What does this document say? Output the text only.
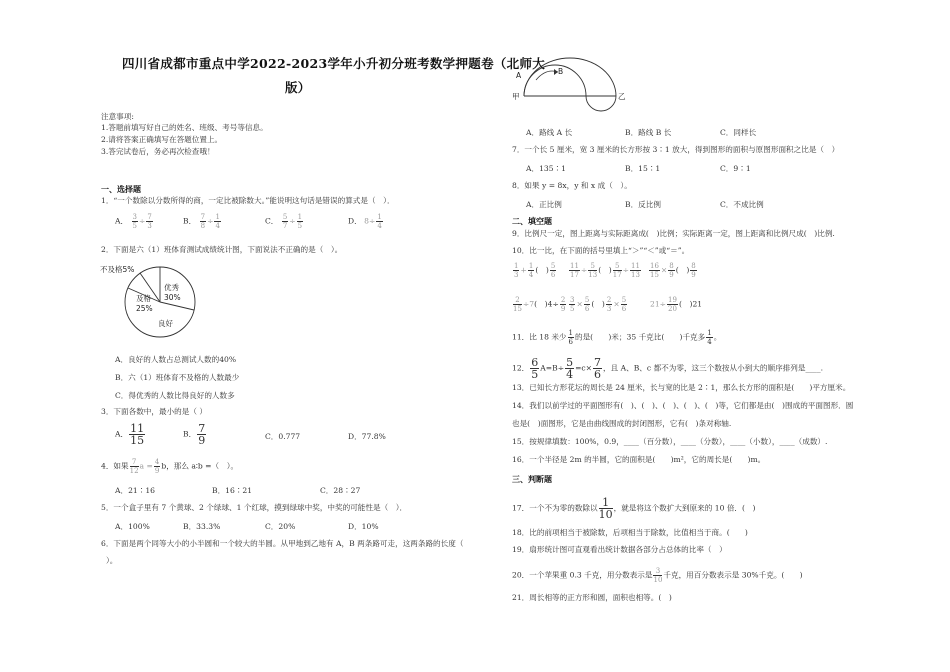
四川省成都市重点中学2022-2023学年小升初分班考数学押题卷（北师大
版）
注意事项:
1.答题前填写好自己的姓名、班级、考号等信息。
2.请将答案正确填写在答题位置上。
3.答完试卷后，务必再次检查哦！
一、选择题
1．“一个数除以分数所得的商，一定比被除数大。”能说明这句话是错误的算式是（　）．
A． $\frac{3}{5} \div \frac{7}{3}$	B． $\frac{7}{8} \div \frac{1}{4}$	C． $\frac{5}{7} \div \frac{1}{5}$	D． $8\div \frac{1}{4}$
2．下面是六（1）班体育测试成绩统计图，下面说法不正确的是（　）。
不及格5%
及格
25%
优秀
30%
良好
A．良好的人数占总测试人数的40%
B．六（1）班体育不及格的人数最少
C．得优秀的人数比得良好的人数多
3．下面各数中，最小的是（ ）
A． $\frac{11}{15}$	B． $\frac{7}{9}$	C．0.777	D．77.8%
4．如果 $\frac{7}{12}$ $a = \frac{4}{9}$ b，那么 a∶b =（　）。
A．21∶16	B．16∶21	C．28∶27
5．一个盒子里有 7 个黄球、2 个绿球、1 个红球，摸到绿球中奖，中奖的可能性是（　）．
A．100%	B．33.3%	C．20%	D．10%
6．下面是两个同等大小的小半圆和一个较大的半圆。从甲地到乙地有 A，B 两条路可走，这两条路的长度（
）。
A	B
甲	乙
A．路线 A 长	B．路线 B 长	C．同样长
7．一个长 5 厘米，宽 3 厘米的长方形按 3∶1 放大，得到图形的面积与原图形面积之比是（　）
A．135∶1	B．15∶1	C．9∶1
8．如果 y = 8x，y 和 x 成（　）。
A．正比例	B．反比例	C．不成比例
二、填空题
9．比例尺一定，图上距离与实际距离成(　)比例；实际距离一定，图上距离和比例尺成(　)比例.
10．比一比，在下面的括号里填上“＞”“＜”或“＝”。
$\frac{1}{3} + \frac{1}{4}$ (　) $\frac{5}{6} \frac{11}{17} \div \frac{5}{13}$ (　) $\frac{5}{17} \div \frac{11}{13} \frac{16}{15} \times \frac{8}{9}$ (　) $\frac{8}{9}$
$\frac{2}{15} \div 7$(　)$4\div \frac{2}{9} \frac{3}{5} \times \frac{5}{6}$ (　) $\frac{2}{3} \times \frac{5}{6}$	$21\div \frac{19}{20}$ (　)21
11．比 18 米少 $\frac{1}{6}$ 的是(　　)米；35 千克比(　　)千克多 $\frac{1}{4}$ 。
12． $\frac{6}{5} A=B\div \frac{5}{4} =c\times \frac{7}{6}$ ，且 A、B、c 都不为零，这三个数按从小到大的顺序排列是____.
13．已知长方形花坛的周长是 24 厘米，长与宽的比是 2∶1，那么长方形的面积是(　　)平方厘米。
14．我们以前学过的平面图形有(　)、(　)、(　)、(　)、(　)等，它们都是由(　)围成的平面图形．圆
也是(　)面图形，它是由曲线围成的封闭图形，它有(　)条对称轴.
15．按规律填数：100%，0.9，____（百分数），____（分数），____（小数），____（成数）.
16．一个半径是 2m 的半圆，它的面积是(　　)m²，它的周长是(　　)m。
三、判断题
17．一个不为零的数除以 $\frac{1}{10}$ ，就是将这个数扩大到原来的 10 倍．(　)
18．比的前项相当于被除数，后项相当于除数，比值相当于商。(　　)
19．扇形统计图可直观看出统计数据各部分占总体的比率（　）
20．一个苹果重 0.3 千克，用分数表示是 $\frac{3}{10}$ 千克，用百分数表示是 30%千克。(　　)
21．周长相等的正方形和圆，面积也相等。(　)
